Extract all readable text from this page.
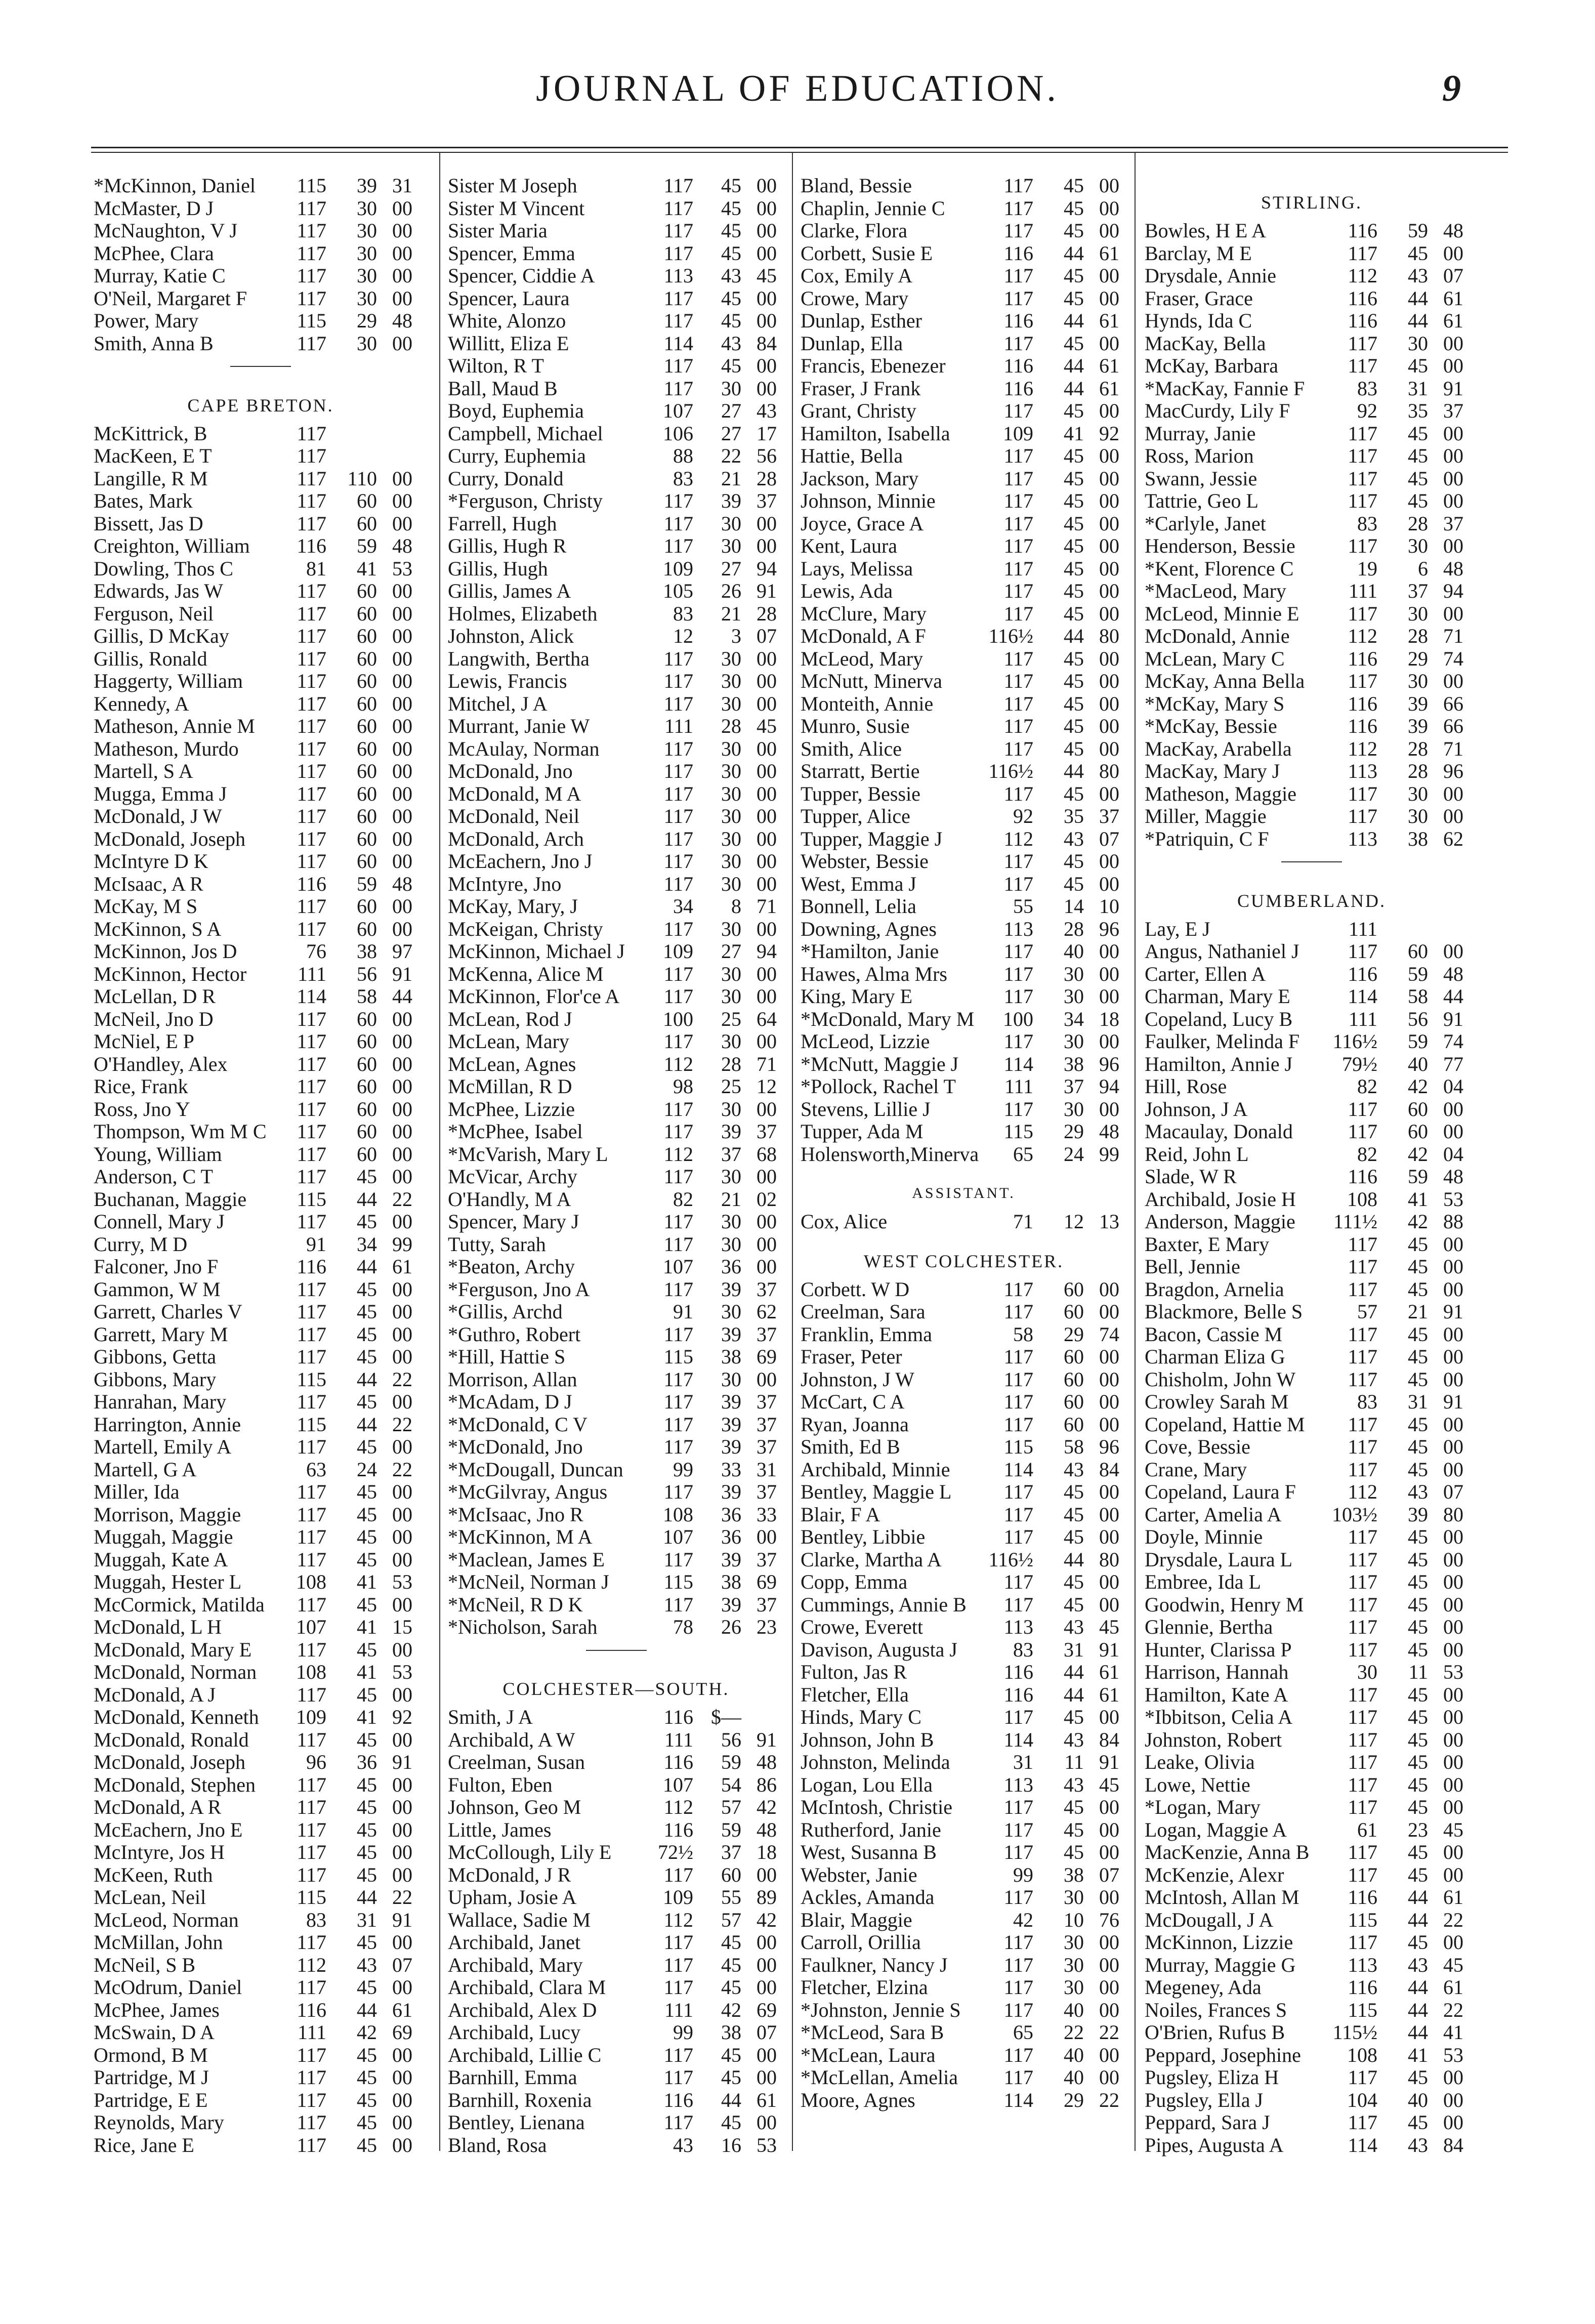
JOURNAL OF EDUCATION.	9
*McKinnon, Daniel 115 39 31
McMaster, D J	117 30 00
McNaughton, V J	117 30 00
McPhee, Clara	117 30 00
Murray, Katie C	117 30 00
O'Neil, Margaret F 117 30 00
Power, Mary	115 29 48
Smith, Anna B	117 30 00
CAPE BRETON.
McKittrick, B	117
MacKeen, E T	117
Langille, R M	117 110 00
Bates, Mark	117 60 00
Bissett, Jas D	117 60 00
Creighton, William 116 59 48
Dowling, Thos C	81 41 53
Edwards, Jas W	117 60 00
Ferguson, Neil	117 60 00
Gillis, D McKay	117 60 00
Gillis, Ronald	117 60 00
Haggerty, William	117 60 00
Kennedy, A	117 60 00
Matheson, Annie M 117 60 00
Matheson, Murdo	117 60 00
Martell, S A	117 60 00
Mugga, Emma J	117 60 00
McDonald, J W	117 60 00
McDonald, Joseph	117 60 00
McIntyre D K	117 60 00
McIsaac, A R	116 59 48
McKay, M S	117 60 00
McKinnon, S A	117 60 00
McKinnon, Jos D	76 38 97
McKinnon, Hector	111 56 91
McLellan, D R	114 58 44
McNeil, Jno D	117 60 00
McNiel, E P	117 60 00
O'Handley, Alex	117 60 00
Rice, Frank	117 60 00
Ross, Jno Y	117 60 00
Thompson, Wm M C 117 60 00
Young, William	117 60 00
Anderson, C T	117 45 00
Buchanan, Maggie 115 44 22
Connell, Mary J	117 45 00
Curry, M D	91 34 99
Falconer, Jno F	116 44 61
Gammon, W M	117 45 00
Garrett, Charles V	117 45 00
Garrett, Mary M	117 45 00
Gibbons, Getta	117 45 00
Gibbons, Mary	115 44 22
Hanrahan, Mary	117 45 00
Harrington, Annie	115 44 22
Martell, Emily A	117 45 00
Martell, G A	63 24 22
Miller, Ida	117 45 00
Morrison, Maggie	117 45 00
Muggah, Maggie	117 45 00
Muggah, Kate A	117 45 00
Muggah, Hester L	108 41 53
McCormick, Matilda 117 45 00
McDonald, L H	107 41 15
McDonald, Mary E 117 45 00
McDonald, Norman 108 41 53
McDonald, A J	117 45 00
McDonald, Kenneth 109 41 92
McDonald, Ronald 117 45 00
McDonald, Joseph	96 36 91
McDonald, Stephen 117 45 00
McDonald, A R	117 45 00
McEachern, Jno E	117 45 00
McIntyre, Jos H	117 45 00
McKeen, Ruth	117 45 00
McLean, Neil	115 44 22
McLeod, Norman	83 31 91
McMillan, John	117 45 00
McNeil, S B	112 43 07
McOdrum, Daniel	117 45 00
McPhee, James	116 44 61
McSwain, D A	111 42 69
Ormond, B M	117 45 00
Partridge, M J	117 45 00
Partridge, E E	117 45 00
Reynolds, Mary	117 45 00
Rice, Jane E	117 45 00
Sister M Joseph	117 45 00
Sister M Vincent	117 45 00
Sister Maria	117 45 00
Spencer, Emma	117 45 00
Spencer, Ciddie A	113 43 45
Spencer, Laura	117 45 00
White, Alonzo	117 45 00
Willitt, Eliza E	114 43 84
Wilton, R T	117 45 00
Ball, Maud B	117 30 00
Boyd, Euphemia	107 27 43
Campbell, Michael	106 27 17
Curry, Euphemia	88 22 56
Curry, Donald	83 21 28
*Ferguson, Christy	117 39 37
Farrell, Hugh	117 30 00
Gillis, Hugh R	117 30 00
Gillis, Hugh	109 27 94
Gillis, James A	105 26 91
Holmes, Elizabeth	83 21 28
Johnston, Alick	12 3 07
Langwith, Bertha	117 30 00
Lewis, Francis	117 30 00
Mitchel, J A	117 30 00
Murrant, Janie W	111 28 45
McAulay, Norman	117 30 00
McDonald, Jno	117 30 00
McDonald, M A	117 30 00
McDonald, Neil	117 30 00
McDonald, Arch	117 30 00
McEachern, Jno J	117 30 00
McIntyre, Jno	117 30 00
McKay, Mary, J	34 8 71
McKeigan, Christy	117 30 00
McKinnon, Michael J 109 27 94
McKenna, Alice M	117 30 00
McKinnon, Flor'ce A 117 30 00
McLean, Rod J	100 25 64
McLean, Mary	117 30 00
McLean, Agnes	112 28 71
McMillan, R D	98 25 12
McPhee, Lizzie	117 30 00
*McPhee, Isabel	117 39 37
*McVarish, Mary L	112 37 68
McVicar, Archy	117 30 00
O'Handly, M A	82 21 02
Spencer, Mary J	117 30 00
Tutty, Sarah	117 30 00
*Beaton, Archy	107 36 00
*Ferguson, Jno A	117 39 37
*Gillis, Archd	91 30 62
*Guthro, Robert	117 39 37
*Hill, Hattie S	115 38 69
Morrison, Allan	117 30 00
*McAdam, D J	117 39 37
*McDonald, C V	117 39 37
*McDonald, Jno	117 39 37
*McDougall, Duncan 99 33 31
*McGilvray, Angus	117 39 37
*McIsaac, Jno R	108 36 33
*McKinnon, M A	107 36 00
*Maclean, James E	117 39 37
*McNeil, Norman J	115 38 69
*McNeil, R D K	117 39 37
*Nicholson, Sarah	78 26 23
COLCHESTER—SOUTH.
Smith, J A	116 $—
Archibald, A W	111 56 91
Creelman, Susan	116 59 48
Fulton, Eben	107 54 86
Johnson, Geo M	112 57 42
Little, James	116 59 48
McCollough, Lily E 72½ 37 18
McDonald, J R	117 60 00
Upham, Josie A	109 55 89
Wallace, Sadie M	112 57 42
Archibald, Janet	117 45 00
Archibald, Mary	117 45 00
Archibald, Clara M	117 45 00
Archibald, Alex D	111 42 69
Archibald, Lucy	99 38 07
Archibald, Lillie C	117 45 00
Barnhill, Emma	117 45 00
Barnhill, Roxenia	116 44 61
Bentley, Lienana	117 45 00
Bland, Rosa	43 16 53
Bland, Bessie	117 45 00
Chaplin, Jennie C	117 45 00
Clarke, Flora	117 45 00
Corbett, Susie E	116 44 61
Cox, Emily A	117 45 00
Crowe, Mary	117 45 00
Dunlap, Esther	116 44 61
Dunlap, Ella	117 45 00
Francis, Ebenezer	116 44 61
Fraser, J Frank	116 44 61
Grant, Christy	117 45 00
Hamilton, Isabella	109 41 92
Hattie, Bella	117 45 00
Jackson, Mary	117 45 00
Johnson, Minnie	117 45 00
Joyce, Grace A	117 45 00
Kent, Laura	117 45 00
Lays, Melissa	117 45 00
Lewis, Ada	117 45 00
McClure, Mary	117 45 00
McDonald, A F	116½ 44 80
McLeod, Mary	117 45 00
McNutt, Minerva	117 45 00
Monteith, Annie	117 45 00
Munro, Susie	117 45 00
Smith, Alice	117 45 00
Starratt, Bertie	116½ 44 80
Tupper, Bessie	117 45 00
Tupper, Alice	92 35 37
Tupper, Maggie J	112 43 07
Webster, Bessie	117 45 00
West, Emma J	117 45 00
Bonnell, Lelia	55 14 10
Downing, Agnes	113 28 96
*Hamilton, Janie	117 40 00
Hawes, Alma Mrs	117 30 00
King, Mary E	117 30 00
*McDonald, Mary M 100 34 18
McLeod, Lizzie	117 30 00
*McNutt, Maggie J 114 38 96
*Pollock, Rachel T 111 37 94
Stevens, Lillie J	117 30 00
Tupper, Ada M	115 29 48
Holensworth,Minerva 65 24 99
ASSISTANT.
Cox, Alice	71 12 13
WEST COLCHESTER.
Corbett. W D	117 60 00
Creelman, Sara	117 60 00
Franklin, Emma	58 29 74
Fraser, Peter	117 60 00
Johnston, J W	117 60 00
McCart, C A	117 60 00
Ryan, Joanna	117 60 00
Smith, Ed B	115 58 96
Archibald, Minnie	114 43 84
Bentley, Maggie L	117 45 00
Blair, F A	117 45 00
Bentley, Libbie	117 45 00
Clarke, Martha A 116½ 44 80
Copp, Emma	117 45 00
Cummings, Annie B 117 45 00
Crowe, Everett	113 43 45
Davison, Augusta J	83 31 91
Fulton, Jas R	116 44 61
Fletcher, Ella	116 44 61
Hinds, Mary C	117 45 00
Johnson, John B	114 43 84
Johnston, Melinda	31 11 91
Logan, Lou Ella	113 43 45
McIntosh, Christie	117 45 00
Rutherford, Janie	117 45 00
West, Susanna B	117 45 00
Webster, Janie	99 38 07
Ackles, Amanda	117 30 00
Blair, Maggie	42 10 76
Carroll, Orillia	117 30 00
Faulkner, Nancy J	117 30 00
Fletcher, Elzina	117 30 00
*Johnston, Jennie S 117 40 00
*McLeod, Sara B	65 22 22
*McLean, Laura	117 40 00
*McLellan, Amelia 117 40 00
Moore, Agnes	114 29 22
STIRLING.
Bowles, H E A	116 59 48
Barclay, M E	117 45 00
Drysdale, Annie	112 43 07
Fraser, Grace	116 44 61
Hynds, Ida C	116 44 61
MacKay, Bella	117 30 00
McKay, Barbara	117 45 00
*MacKay, Fannie F	83 31 91
MacCurdy, Lily F	92 35 37
Murray, Janie	117 45 00
Ross, Marion	117 45 00
Swann, Jessie	117 45 00
Tattrie, Geo L	117 45 00
*Carlyle, Janet	83 28 37
Henderson, Bessie	117 30 00
*Kent, Florence C	19 6 48
*MacLeod, Mary	111 37 94
McLeod, Minnie E 117 30 00
McDonald, Annie	112 28 71
McLean, Mary C	116 29 74
McKay, Anna Bella 117 30 00
*McKay, Mary S	116 39 66
*McKay, Bessie	116 39 66
MacKay, Arabella	112 28 71
MacKay, Mary J	113 28 96
Matheson, Maggie	117 30 00
Miller, Maggie	117 30 00
*Patriquin, C F	113 38 62
CUMBERLAND.
Lay, E J	111
Angus, Nathaniel J 117 60 00
Carter, Ellen A	116 59 48
Charman, Mary E	114 58 44
Copeland, Lucy B	111 56 91
Faulker, Melinda F 116½ 59 74
Hamilton, Annie J 79½ 40 77
Hill, Rose	82 42 04
Johnson, J A	117 60 00
Macaulay, Donald	117 60 00
Reid, John L	82 42 04
Slade, W R	116 59 48
Archibald, Josie H	108 41 53
Anderson, Maggie 111½ 42 88
Baxter, E Mary	117 45 00
Bell, Jennie	117 45 00
Bragdon, Arnelia	117 45 00
Blackmore, Belle S	57 21 91
Bacon, Cassie M	117 45 00
Charman Eliza G	117 45 00
Chisholm, John W	117 45 00
Crowley Sarah M	83 31 91
Copeland, Hattie M 117 45 00
Cove, Bessie	117 45 00
Crane, Mary	117 45 00
Copeland, Laura F	112 43 07
Carter, Amelia A 103½ 39 80
Doyle, Minnie	117 45 00
Drysdale, Laura L	117 45 00
Embree, Ida L	117 45 00
Goodwin, Henry M 117 45 00
Glennie, Bertha	117 45 00
Hunter, Clarissa P	117 45 00
Harrison, Hannah	30 11 53
Hamilton, Kate A	117 45 00
*Ibbitson, Celia A	117 45 00
Johnston, Robert	117 45 00
Leake, Olivia	117 45 00
Lowe, Nettie	117 45 00
*Logan, Mary	117 45 00
Logan, Maggie A	61 23 45
MacKenzie, Anna B 117 45 00
McKenzie, Alexr	117 45 00
McIntosh, Allan M 116 44 61
McDougall, J A	115 44 22
McKinnon, Lizzie	117 45 00
Murray, Maggie G	113 43 45
Megeney, Ada	116 44 61
Noiles, Frances S	115 44 22
O'Brien, Rufus B 115½ 44 41
Peppard, Josephine 108 41 53
Pugsley, Eliza H	117 45 00
Pugsley, Ella J	104 40 00
Peppard, Sara J	117 45 00
Pipes, Augusta A	114 43 84
